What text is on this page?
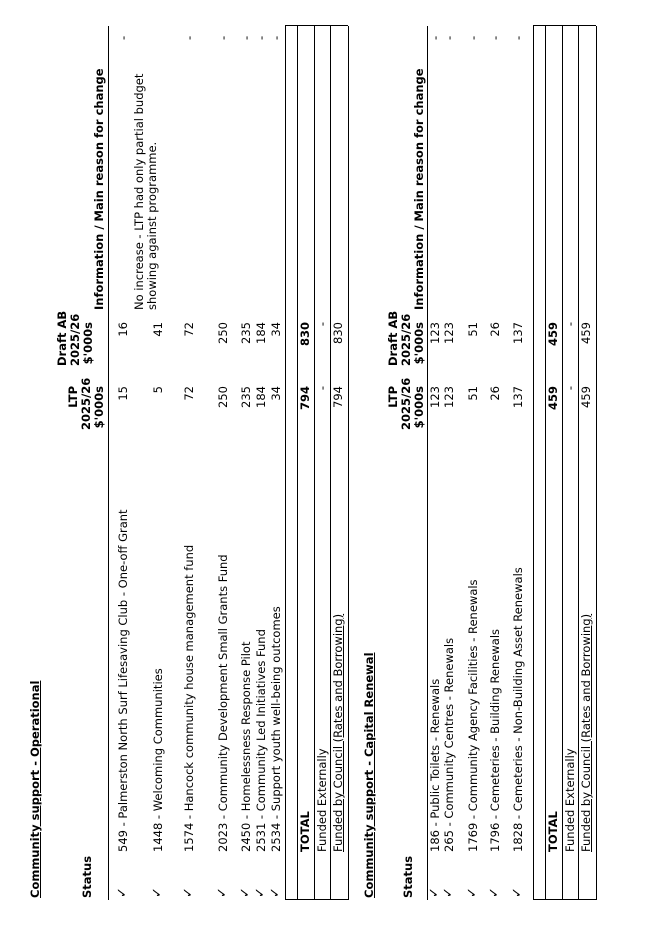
Community support - Operational	Status
LTP 2025/26 $'000s
Draft AB 2025/26 $'000s
Information / Main reason for change
✓
549 - Palmerston North Surf Lifesaving Club - One-off Grant
15
16
-
✓
1448 - Welcoming Communities
5
41
No increase - LTP had only partial budget showing against programme.
✓
1574 - Hancock community house management fund
72
72
-
✓
2023 - Community Development Small Grants Fund
250
250
-
✓
2450 - Homelessness Response Pilot
235
235
-
✓
2531 - Community Led Initiatives Fund
184
184
-
✓
2534 - Support youth well-being outcomes
34
34
-
TOTAL
794
830
Funded Externally
-
-
Funded by Council (Rates and Borrowing)
794
830
Community support - Capital Renewal Status
LTP 2025/26 $'000s
Draft AB 2025/26 $'000s
Information / Main reason for change
✓
186 - Public Toilets - Renewals
123
123
-
✓
265 - Community Centres - Renewals
123
123
-
✓
1769 - Community Agency Facilities - Renewals
51
51
-
✓
1796 - Cemeteries - Building Renewals
26
26
-
✓
1828 - Cemeteries - Non-Building Asset Renewals
137
137
-
TOTAL
459
459
Funded Externally
-
-
Funded by Council (Rates and Borrowing)
459
459
